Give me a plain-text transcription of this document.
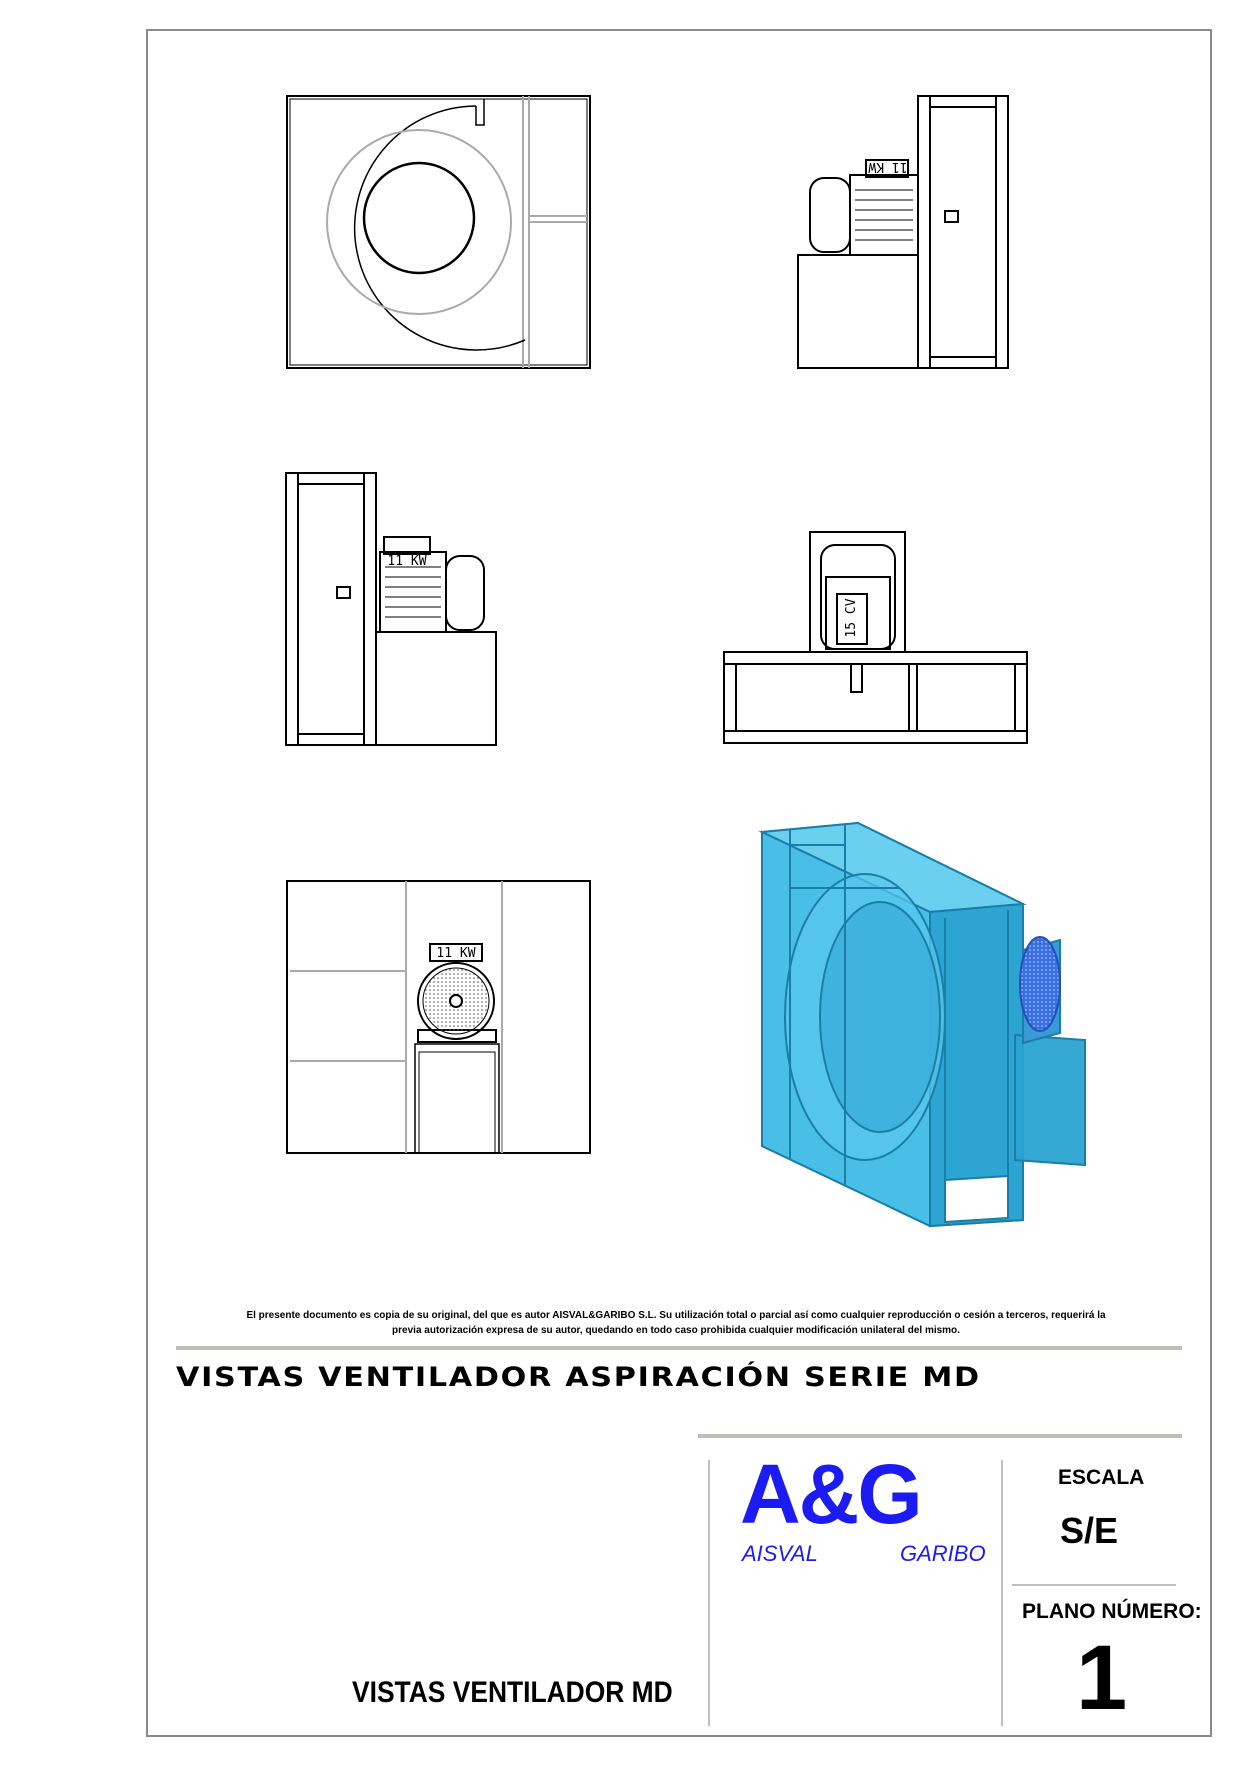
11 KW
11 KW
15 CV
11 KW
El presente documento es copia de su original, del que es autor AISVAL&GARIBO S.L. Su utilización total o parcial así como cualquier reproducción o cesión a terceros, requerirá la
previa autorización expresa de su autor, quedando en todo caso prohibida cualquier modificación unilateral del mismo.
VISTAS VENTILADOR ASPIRACIÓN SERIE MD
A&G
AISVAL	GARIBO
ESCALA
S/E
PLANO NÚMERO:
1
VISTAS VENTILADOR MD
